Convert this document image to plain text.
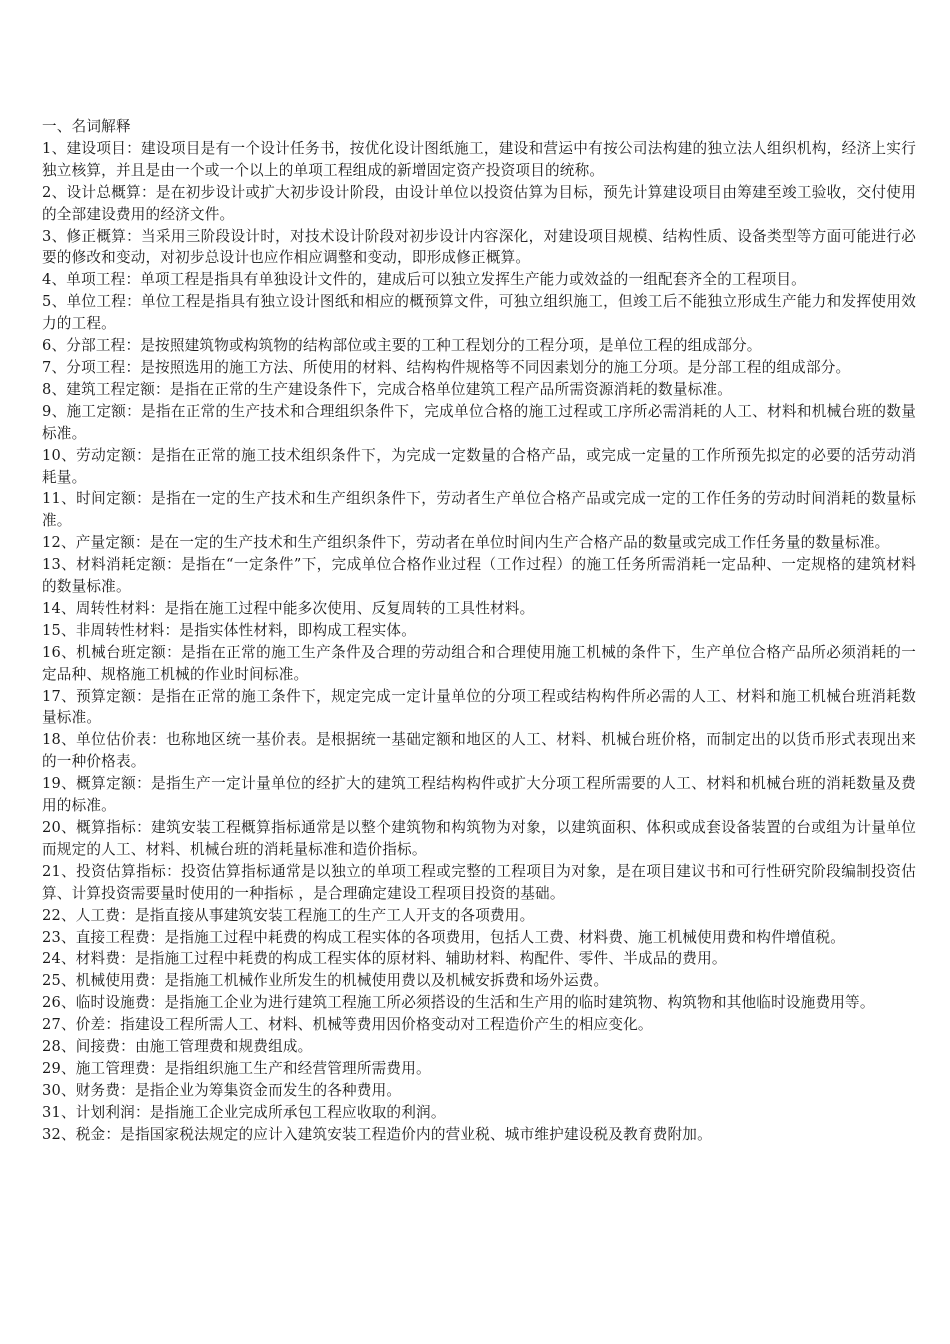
一、名词解释
1、建设项目：建设项目是有一个设计任务书，按优化设计图纸施工，建设和营运中有按公司法构建的独立法人组织机构，经济上实行独立核算，并且是由一个或一个以上的单项工程组成的新增固定资产投资项目的统称。
2、设计总概算：是在初步设计或扩大初步设计阶段，由设计单位以投资估算为目标，预先计算建设项目由筹建至竣工验收，交付使用的全部建设费用的经济文件。
3、修正概算：当采用三阶段设计时，对技术设计阶段对初步设计内容深化，对建设项目规模、结构性质、设备类型等方面可能进行必要的修改和变动，对初步总设计也应作相应调整和变动，即形成修正概算。
4、单项工程：单项工程是指具有单独设计文件的，建成后可以独立发挥生产能力或效益的一组配套齐全的工程项目。
5、单位工程：单位工程是指具有独立设计图纸和相应的概预算文件，可独立组织施工，但竣工后不能独立形成生产能力和发挥使用效力的工程。
6、分部工程：是按照建筑物或构筑物的结构部位或主要的工种工程划分的工程分项，是单位工程的组成部分。
7、分项工程：是按照选用的施工方法、所使用的材料、结构构件规格等不同因素划分的施工分项。是分部工程的组成部分。
8、建筑工程定额：是指在正常的生产建设条件下，完成合格单位建筑工程产品所需资源消耗的数量标准。
9、施工定额：是指在正常的生产技术和合理组织条件下，完成单位合格的施工过程或工序所必需消耗的人工、材料和机械台班的数量标准。
10、劳动定额：是指在正常的施工技术组织条件下，为完成一定数量的合格产品，或完成一定量的工作所预先拟定的必要的活劳动消耗量。
11、时间定额：是指在一定的生产技术和生产组织条件下，劳动者生产单位合格产品或完成一定的工作任务的劳动时间消耗的数量标准。
12、产量定额：是在一定的生产技术和生产组织条件下，劳动者在单位时间内生产合格产品的数量或完成工作任务量的数量标准。
13、材料消耗定额：是指在“一定条件”下，完成单位合格作业过程（工作过程）的施工任务所需消耗一定品种、一定规格的建筑材料的数量标准。
14、周转性材料：是指在施工过程中能多次使用、反复周转的工具性材料。
15、非周转性材料：是指实体性材料，即构成工程实体。
16、机械台班定额：是指在正常的施工生产条件及合理的劳动组合和合理使用施工机械的条件下，生产单位合格产品所必须消耗的一定品种、规格施工机械的作业时间标准。
17、预算定额：是指在正常的施工条件下，规定完成一定计量单位的分项工程或结构构件所必需的人工、材料和施工机械台班消耗数量标准。
18、单位估价表：也称地区统一基价表。是根据统一基础定额和地区的人工、材料、机械台班价格，而制定出的以货币形式表现出来的一种价格表。
19、概算定额：是指生产一定计量单位的经扩大的建筑工程结构构件或扩大分项工程所需要的人工、材料和机械台班的消耗数量及费用的标准。
20、概算指标：建筑安装工程概算指标通常是以整个建筑物和构筑物为对象，以建筑面积、体积或成套设备装置的台或组为计量单位而规定的人工、材料、机械台班的消耗量标准和造价指标。
21、投资估算指标：投资估算指标通常是以独立的单项工程或完整的工程项目为对象，是在项目建议书和可行性研究阶段编制投资估算、计算投资需要量时使用的一种指标 ，是合理确定建设工程项目投资的基础。
22、人工费：是指直接从事建筑安装工程施工的生产工人开支的各项费用。
23、直接工程费：是指施工过程中耗费的构成工程实体的各项费用，包括人工费、材料费、施工机械使用费和构件增值税。
24、材料费：是指施工过程中耗费的构成工程实体的原材料、辅助材料、构配件、零件、半成品的费用。
25、机械使用费：是指施工机械作业所发生的机械使用费以及机械安拆费和场外运费。
26、临时设施费：是指施工企业为进行建筑工程施工所必须搭设的生活和生产用的临时建筑物、构筑物和其他临时设施费用等。
27、价差：指建设工程所需人工、材料、机械等费用因价格变动对工程造价产生的相应变化。
28、间接费：由施工管理费和规费组成。
29、施工管理费：是指组织施工生产和经营管理所需费用。
30、财务费：是指企业为筹集资金而发生的各种费用。
31、计划利润：是指施工企业完成所承包工程应收取的利润。
32、税金：是指国家税法规定的应计入建筑安装工程造价内的营业税、城市维护建设税及教育费附加。
